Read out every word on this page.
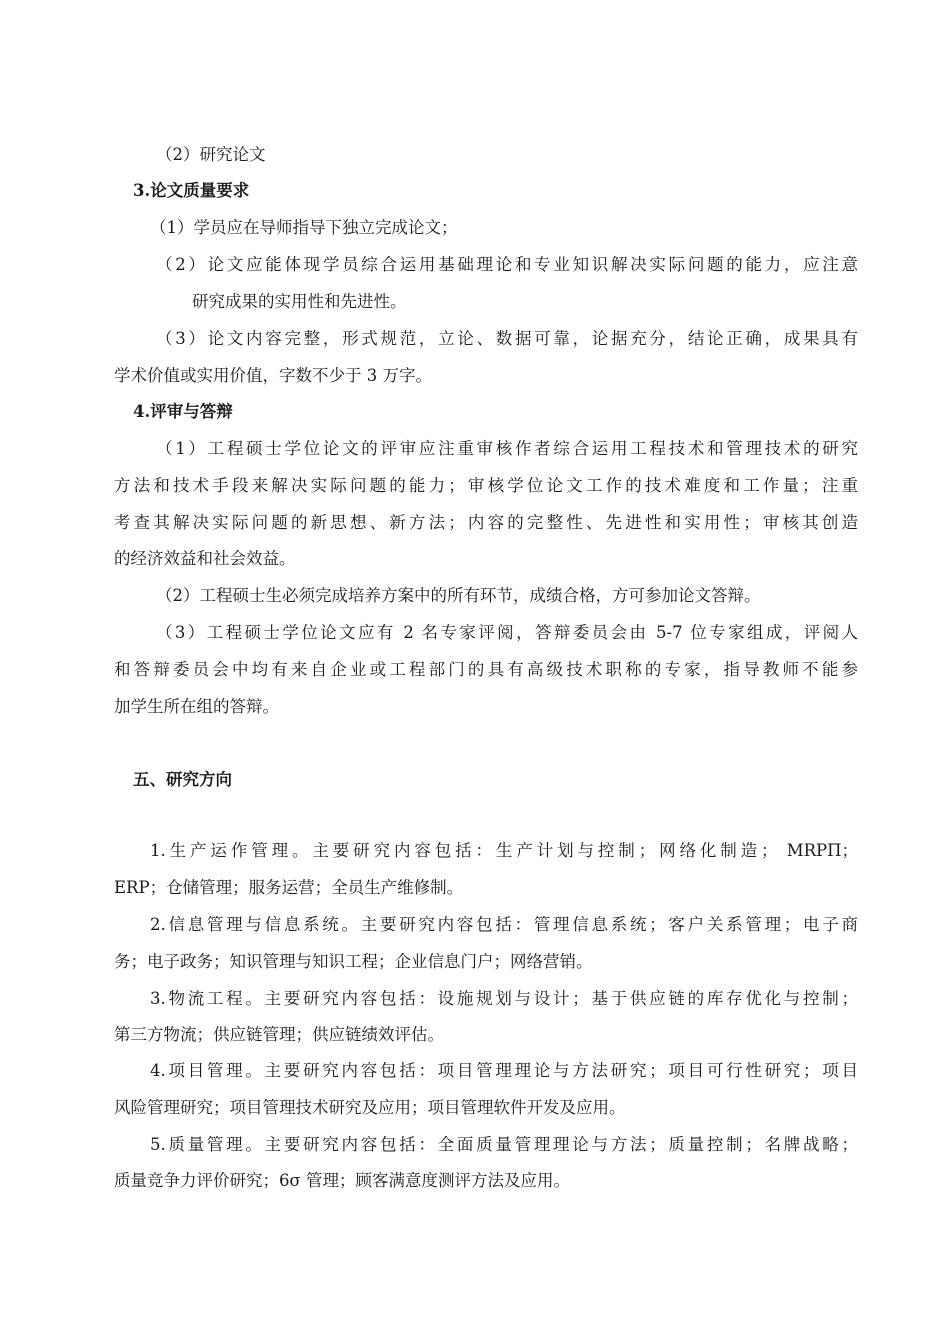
（2）研究论文
3.论文质量要求
（1）学员应在导师指导下独立完成论文；
（2）论文应能体现学员综合运用基础理论和专业知识解决实际问题的能力，应注意
研究成果的实用性和先进性。
（3）论文内容完整，形式规范，立论、数据可靠，论据充分，结论正确，成果具有
学术价值或实用价值，字数不少于 3 万字。
4.评审与答辩
（1）工程硕士学位论文的评审应注重审核作者综合运用工程技术和管理技术的研究
方法和技术手段来解决实际问题的能力；审核学位论文工作的技术难度和工作量；注重
考查其解决实际问题的新思想、新方法；内容的完整性、先进性和实用性；审核其创造
的经济效益和社会效益。
（2）工程硕士生必须完成培养方案中的所有环节，成绩合格，方可参加论文答辩。
（3）工程硕士学位论文应有 2 名专家评阅，答辩委员会由 5-7 位专家组成，评阅人
和答辩委员会中均有来自企业或工程部门的具有高级技术职称的专家，指导教师不能参
加学生所在组的答辩。
五、研究方向
1.生产运作管理。主要研究内容包括：生产计划与控制；网络化制造； MRPΠ；
ERP；仓储管理；服务运营；全员生产维修制。
2.信息管理与信息系统。主要研究内容包括：管理信息系统；客户关系管理；电子商
务；电子政务；知识管理与知识工程；企业信息门户；网络营销。
3.物流工程。主要研究内容包括：设施规划与设计；基于供应链的库存优化与控制；
第三方物流；供应链管理；供应链绩效评估。
4.项目管理。主要研究内容包括：项目管理理论与方法研究；项目可行性研究；项目
风险管理研究；项目管理技术研究及应用；项目管理软件开发及应用。
5.质量管理。主要研究内容包括：全面质量管理理论与方法；质量控制；名牌战略；
质量竞争力评价研究；6σ 管理；顾客满意度测评方法及应用。
